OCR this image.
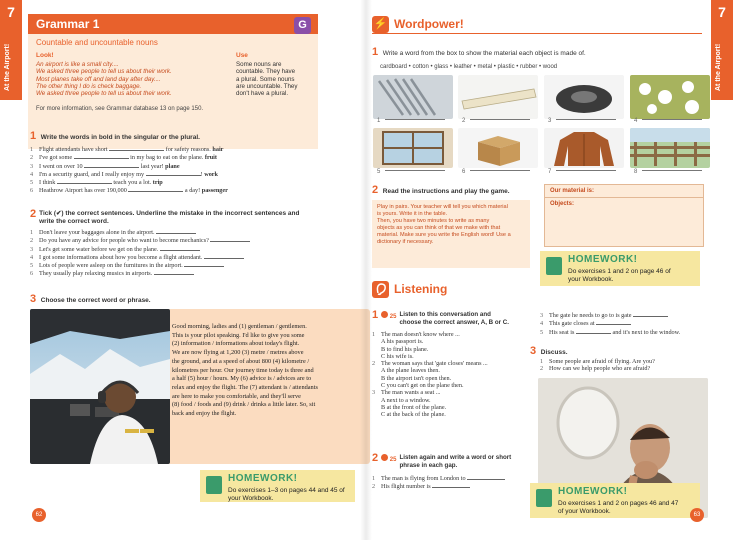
7
At the Airport!
Grammar 1	G
Countable and uncountable nouns
Look!
An airport is like a small city....
We asked three people to tell us about their work.
Most planes take off and land day after day....
The other thing I do is check baggage.
We asked three people to tell us about their work.
Use
Some nouns are
countable. They have
a plural. Some nouns
are uncountable. They
don't have a plural.
For more information, see Grammar database 13 on page 150.
1 Write the words in bold in the singular or the plural.
1 Flight attendants have short	for safety reasons. hair
2 I've got some	in my bag to eat on the plane. fruit
3 I went on over 10	last year! plane
4 I'm a security guard, and I really enjoy my	! work
5 I think	teach you a lot. trip
6 Heathrow Airport has over 190,000	a day! passenger
2 Tick (✔) the correct sentences. Underline the mistake in the incorrect sentences and
write the correct word.
1 Don't leave your baggages alone in the airport.
2 Do you have any advice for people who want to become mechanics?
3 Let's get some water before we get on the plane.
4 I got some informations about how you become a flight attendant.
5 Lots of people were asleep on the furnitures in the airport.
6 They usually play relaxing musics in airports.
3 Choose the correct word or phrase.
Good morning, ladies and (1) gentleman / gentlemen.
This is your pilot speaking. I'd like to give you some
(2) information / informations about today's flight.
We are now flying at 1,200 (3) metre / metres above
the ground, and at a speed of about 800 (4) kilometre /
kilometres per hour. Our journey time today is three and
a half (5) hour / hours. My (6) advice is / advices are to
relax and enjoy the flight. The (7) attendant is / attendants
are here to make you comfortable, and they'll serve
(8) food / foods and (9) drink / drinks a little later. So, sit
back and enjoy the flight.
HOMEWORK!
Do exercises 1–3 on pages 44 and 45 of
your Workbook.
62
7
At the Airport!
⚡ Wordpower!
1 Write a word from the box to show the material each object is made of.
cardboard • cotton • glass • leather • metal • plastic • rubber • wood
1	2	3	4
5	6	7	8
2 Read the instructions and play the game.
Play in pairs. Your teacher will tell you which material
is yours. Write it in the table.
Then, you have two minutes to write as many
objects as you can think of that we make with that
material. Make sure you write the English word! Use a
dictionary if necessary.
Our material is:
Objects:
HOMEWORK!
Do exercises 1 and 2 on page 46 of
your Workbook.
Listening
1	25 Listen to this conversation and
choose the correct answer, A, B or C.
1 The man doesn't know where ...
A his passport is.
B to find his plane.
C his wife is.
2 The woman says that 'gate closes' means ...
A the plane leaves then.
B the airport isn't open then.
C you can't get on the plane then.
3 The man wants a seat ...
A next to a window.
B at the front of the plane.
C at the back of the plane.
2	25 Listen again and write a word or short
phrase in each gap.
1 The man is flying from London to
2 His flight number is
3 The gate he needs to go to is gate
4 This gate closes at
5 His seat is	and it's next to the window.
3 Discuss.
1 Some people are afraid of flying. Are you?
2 How can we help people who are afraid?
HOMEWORK!
Do exercises 1 and 2 on pages 46 and 47
of your Workbook.	63
